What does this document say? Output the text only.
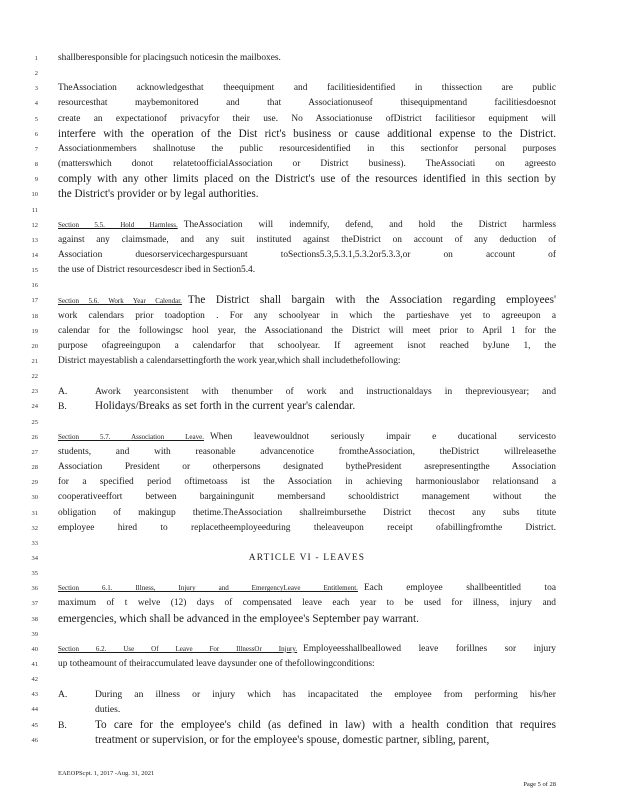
1 shallberesponsible for placingsuch noticesin the mailboxes.
2
3 TheAssociation acknowledgesthat theequipment and facilitiesidentified in thissection are public
4 resourcesthat maybemonitored and that Associationuseof thisequipmentand facilitiesdoesnot
5 create an expectationof privacyfor their use. No Associationuse ofDistrict facilitiesor equipment will
6 interfere with the operation of the Dist rict's business or cause additional expense to the District.
7 Associationmembers shallnotuse the public resourcesidentified in this sectionfor personal purposes
8 (matterswhich donot relatetoofficialAssociation or District business). TheAssociati on agreesto
9 comply with any other limits placed on the District's use of the resources identified in this section by
10 the District's provider or by legal authorities.
11
12	Section 5.5. Hold Harmless. TheAssociation will indemnify, defend, and hold the District harmless
13 against any claimsmade, and any suit instituted against theDistrict on account of any deduction of
14 Association duesorservicechargespursuant toSections5.3,5.3.1,5.3.2or5.3.3,or on account of
15 the use of District resourcesdescr ibed in Section5.4.
16
17	Section 5.6. Work Year Calendar. The District shall bargain with the Association regarding employees'
18 work calendars prior toadoption . For any schoolyear in which the partieshave yet to agreeupon a
19 calendar for the followingsc hool year, the Associationand the District will meet prior to April 1 for the
20 purpose ofagreeingupon a calendarfor that schoolyear. If agreement isnot reached byJune 1, the
21 District mayestablish a calendarsettingforth the work year,which shall includethefollowing:
22
23 A.	Awork yearconsistent with thenumber of work and instructionaldays in thepreviousyear; and
24 B.	Holidays/Breaks as set forth in the current year's calendar.
25
26	Section 5.7. Association Leave. When leavewouldnot seriously impair e ducational servicesto
27 students, and with reasonable advancenotice fromtheAssociation, theDistrict willreleasethe
28 Association President or otherpersons designated bythePresident asrepresentingthe Association
29 for a specified period oftimetoass ist the Association in achieving harmoniouslabor relationsand a
30 cooperativeeffort between bargainingunit membersand schooldistrict management without the
31 obligation of makingup thetime.TheAssociation shallreimbursethe District thecost any subs titute
32 employee hired to replacetheemployeeduring theleaveupon receipt ofabillingfromthe District.
33
34	ARTICLE VI - LEAVES
35
36	Section 6.1. Illness, Injury and EmergencyLeave Entitlement. Each employee shallbeentitled toa
37 maximum of t welve (12) days of compensated leave each year to be used for illness, injury and
38 emergencies, which shall be advanced in the employee's September pay warrant.
39
40	Section 6.2. Use Of Leave For IllnessOr Injury. Employeesshallbeallowed leave forillnes sor injury
41 up totheamount of theiraccumulated leave daysunder one of thefollowingconditions:
42
43 A.	During an illness or injury which has incapacitated the employee from performing his/her
44	duties.
45 B.	To care for the employee's child (as defined in law) with a health condition that requires
46	treatment or supervision, or for the employee's spouse, domestic partner, sibling, parent,
EAEOPScpt. 1, 2017 -Aug. 31, 2021
Page 5 of 28
